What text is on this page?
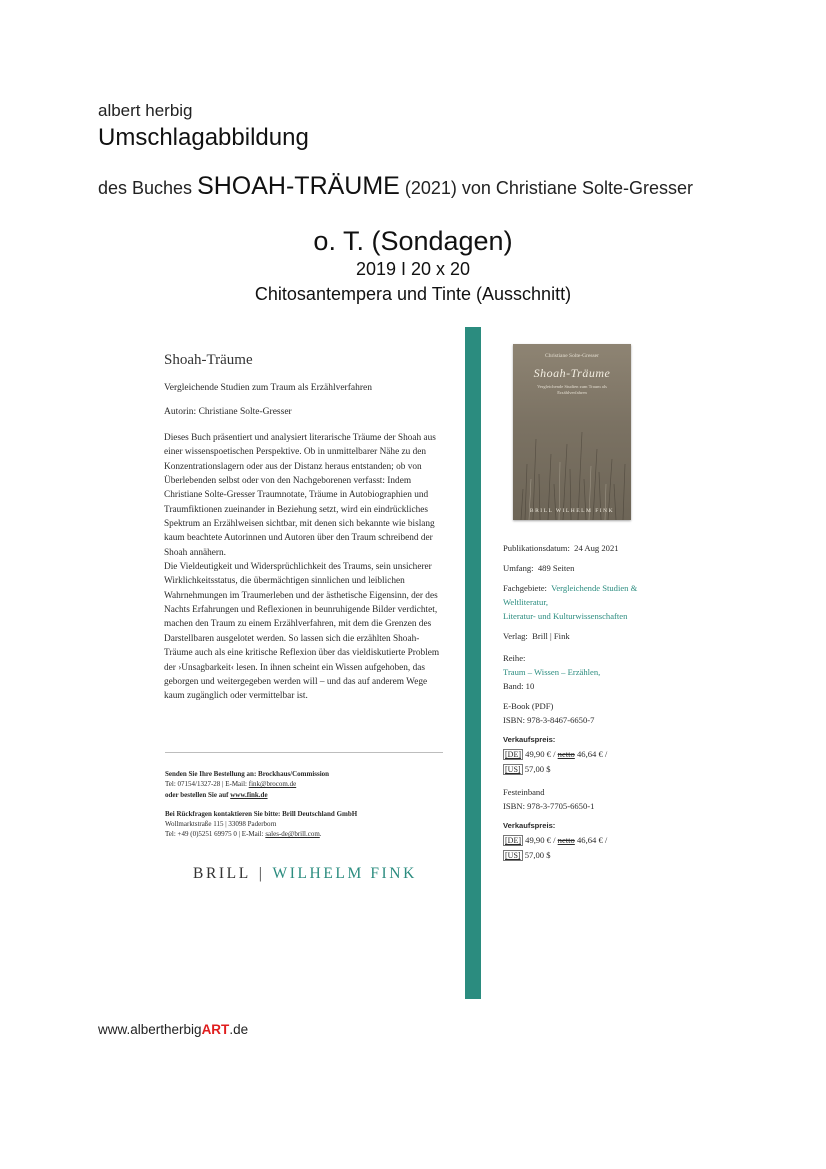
albert herbig
Umschlagabbildung
des Buches SHOAH-TRÄUME (2021) von Christiane Solte-Gresser
o. T. (Sondagen)
2019 I 20 x 20
Chitosantempera und Tinte (Ausschnitt)
Shoah-Träume
Vergleichende Studien zum Traum als Erzählverfahren
Autorin: Christiane Solte-Gresser

Dieses Buch präsentiert und analysiert literarische Träume der Shoah aus einer wissenspoetischen Perspektive. Ob in unmittelbarer Nähe zu den Konzentrationslagern oder aus der Distanz heraus entstanden; ob von Überlebenden selbst oder von den Nachgeborenen verfasst: Indem Christiane Solte-Gresser Traumnotate, Träume in Autobiographien und Traumfiktionen zueinander in Beziehung setzt, wird ein eindrückliches Spektrum an Erzählweisen sichtbar, mit denen sich bekannte wie bislang kaum beachtete Autorinnen und Autoren über den Traum schreibend der Shoah annähern.

Die Vieldeutigkeit und Widersprüchlichkeit des Traums, sein unsicherer Wirklichkeitsstatus, die übermächtigen sinnlichen und leiblichen Wahrnehmungen im Traumerleben und der ästhetische Eigensinn, der des Nachts Erfahrungen und Reflexionen in beunruhigende Bilder verdichtet, machen den Traum zu einem Erzählverfahren, mit dem die Grenzen des Darstellbaren ausgelotet werden. So lassen sich die erzählten Shoah-Träume auch als eine kritische Reflexion über das vieldiskutierte Problem der ›Unsagbarkeit‹ lesen. In ihnen scheint ein Wissen aufgehoben, das geborgen und weitergegeben werden will – und das auf anderem Wege kaum zugänglich oder vermittelbar ist.

Senden Sie Ihre Bestellung an: Brockhaus/Commission
Tel: 07154/1327-28 | E-Mail: fink@brocom.de
oder bestellen Sie auf www.fink.de
Bei Rückfragen kontaktieren Sie bitte: Brill Deutschland GmbH
Wollmarktstraße 115 | 33098 Paderborn
Tel: +49 (0)5251 69975 0 | E-Mail: sales-de@brill.com.
BRILL | WILHELM FINK
Christiane Solte-Gresser
Shoah-Träume
Vergleichende Studien zum Traum als Erzählverfahren
BRILL WILHELM FINK

Publikationsdatum: 24 Aug 2021

Umfang: 489 Seiten

Fachgebiete: Vergleichende Studien & Weltliteratur,

Literatur- und Kulturwissenschaften

Verlag: Brill | Fink

Reihe:

Traum – Wissen – Erzählen,

Band: 10

E-Book (PDF)

ISBN: 978-3-8467-6650-7

Verkaufspreis:

[DE] 49,90 € / netto 46,64 € /

[US] 57,00 $

Festeinband

ISBN: 978-3-7705-6650-1

Verkaufspreis:

[DE] 49,90 € / netto 46,64 € /

[US] 57,00 $

www.albertherbigART.de
